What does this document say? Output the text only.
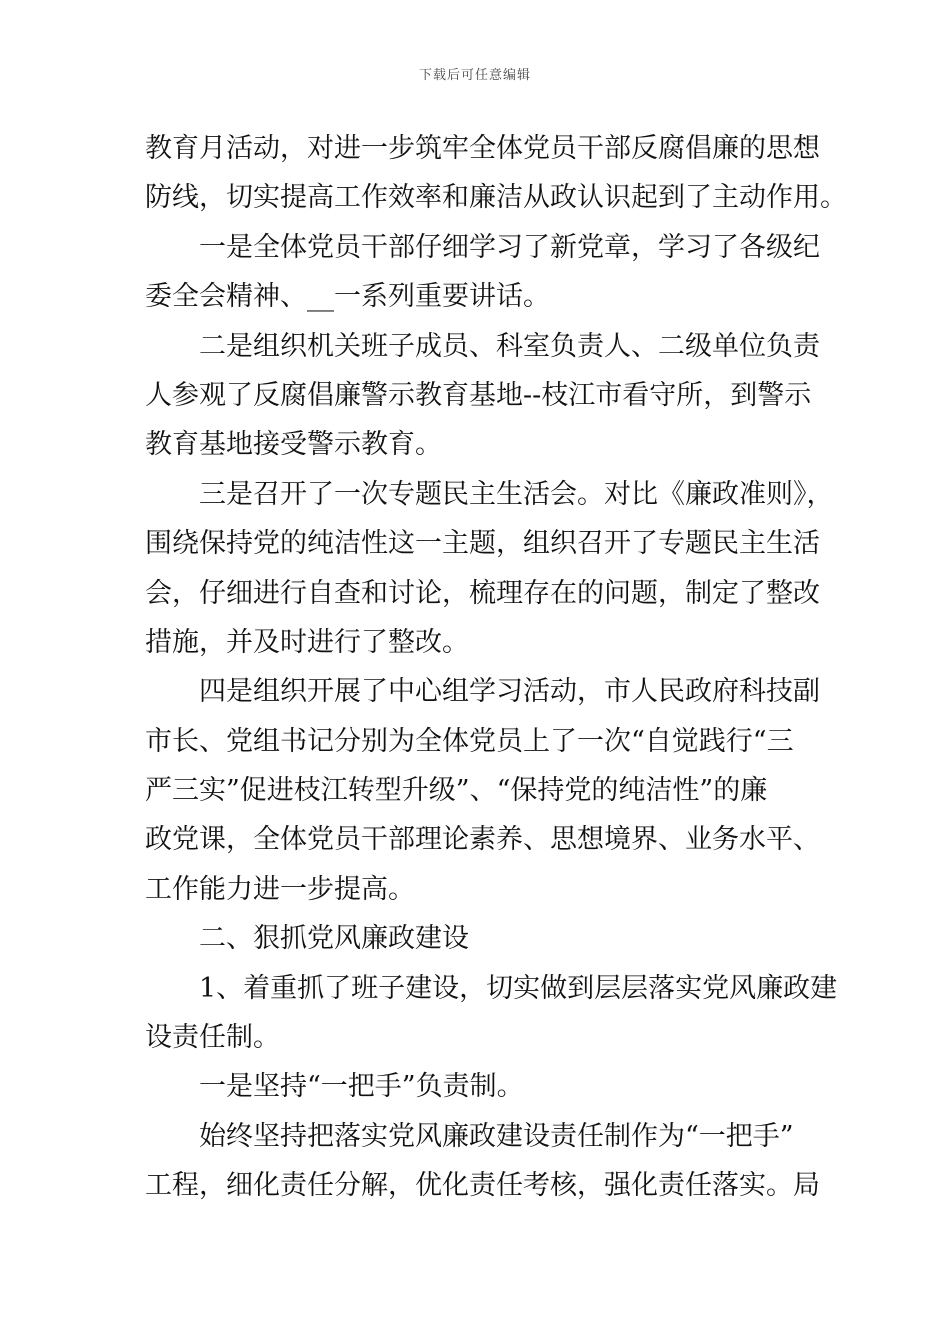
下载后可任意编辑
教育月活动，对进一步筑牢全体党员干部反腐倡廉的思想
防线，切实提高工作效率和廉洁从政认识起到了主动作用。
一是全体党员干部仔细学习了新党章，学习了各级纪
委全会精神、__一系列重要讲话。
二是组织机关班子成员、科室负责人、二级单位负责
人参观了反腐倡廉警示教育基地--枝江市看守所，到警示
教育基地接受警示教育。
三是召开了一次专题民主生活会。对比《廉政准则》，
围绕保持党的纯洁性这一主题，组织召开了专题民主生活
会，仔细进行自查和讨论，梳理存在的问题，制定了整改
措施，并及时进行了整改。
四是组织开展了中心组学习活动，市人民政府科技副
市长、党组书记分别为全体党员上了一次“自觉践行“三
严三实”促进枝江转型升级”、“保持党的纯洁性”的廉
政党课，全体党员干部理论素养、思想境界、业务水平、
工作能力进一步提高。
二、狠抓党风廉政建设
1、着重抓了班子建设，切实做到层层落实党风廉政建
设责任制。
一是坚持“一把手”负责制。
始终坚持把落实党风廉政建设责任制作为“一把手”
工程，细化责任分解，优化责任考核，强化责任落实。局
